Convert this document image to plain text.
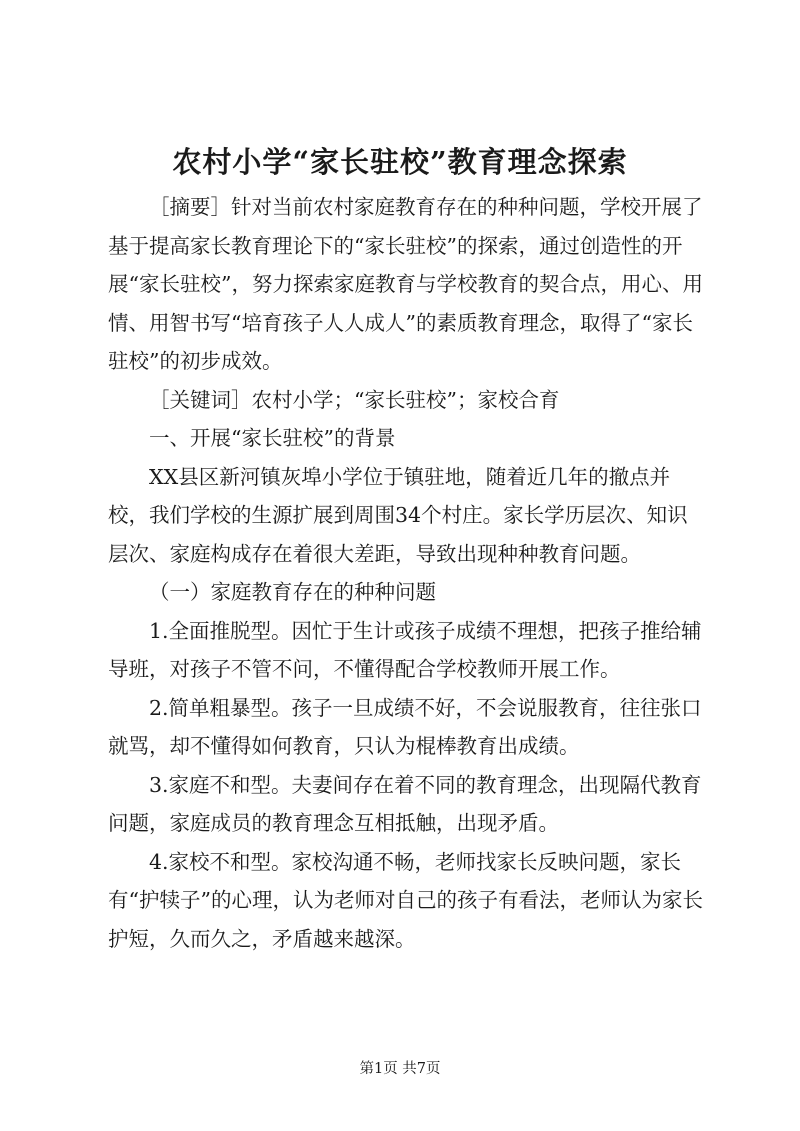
农村小学“家长驻校”教育理念探索

［摘要］针对当前农村家庭教育存在的种种问题，学校开展了基于提高家长教育理论下的“家长驻校”的探索，通过创造性的开展“家长驻校”，努力探索家庭教育与学校教育的契合点，用心、用情、用智书写“培育孩子人人成人”的素质教育理念，取得了“家长驻校”的初步成效。

［关键词］农村小学；“家长驻校”；家校合育

一、开展“家长驻校”的背景

XX县区新河镇灰埠小学位于镇驻地，随着近几年的撤点并校，我们学校的生源扩展到周围34个村庄。家长学历层次、知识层次、家庭构成存在着很大差距，导致出现种种教育问题。

（一）家庭教育存在的种种问题

1.全面推脱型。因忙于生计或孩子成绩不理想，把孩子推给辅导班，对孩子不管不问，不懂得配合学校教师开展工作。

2.简单粗暴型。孩子一旦成绩不好，不会说服教育，往往张口就骂，却不懂得如何教育，只认为棍棒教育出成绩。

3.家庭不和型。夫妻间存在着不同的教育理念，出现隔代教育问题，家庭成员的教育理念互相抵触，出现矛盾。

4.家校不和型。家校沟通不畅，老师找家长反映问题，家长有“护犊子”的心理，认为老师对自己的孩子有看法，老师认为家长护短，久而久之，矛盾越来越深。

第1页 共7页
